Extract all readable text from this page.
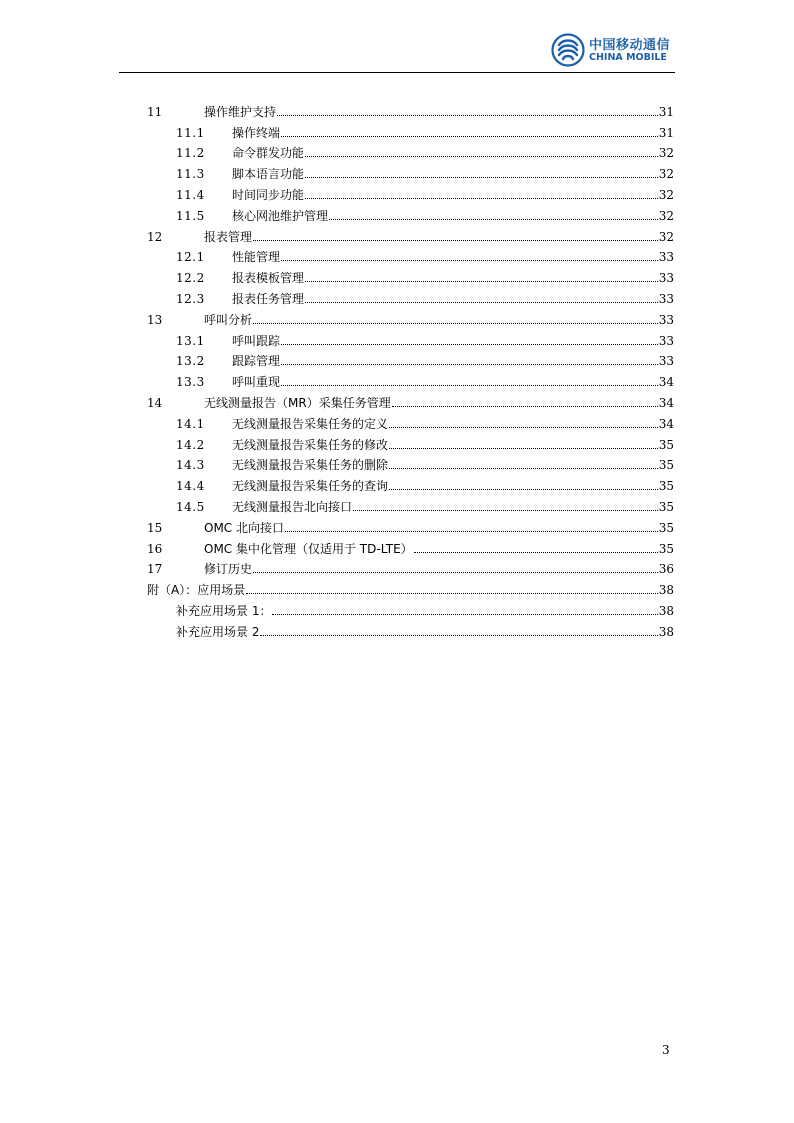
中国移动通信
CHINA MOBILE
11	操作维护支持	31
11.1	操作终端	31
11.2	命令群发功能	32
11.3	脚本语言功能	32
11.4	时间同步功能	32
11.5	核心网池维护管理	32
12	报表管理	32
12.1	性能管理	33
12.2	报表模板管理	33
12.3	报表任务管理	33
13	呼叫分析	33
13.1	呼叫跟踪	33
13.2	跟踪管理	33
13.3	呼叫重现	34
14	无线测量报告（MR）采集任务管理	34
14.1	无线测量报告采集任务的定义	34
14.2	无线测量报告采集任务的修改	35
14.3	无线测量报告采集任务的删除	35
14.4	无线测量报告采集任务的查询	35
14.5	无线测量报告北向接口	35
15	OMC 北向接口	35
16	OMC 集中化管理（仅适用于 TD-LTE）	35
17	修订历史	36
附（A）：应用场景	38
补充应用场景 1：	38
补充应用场景 2	38
3
